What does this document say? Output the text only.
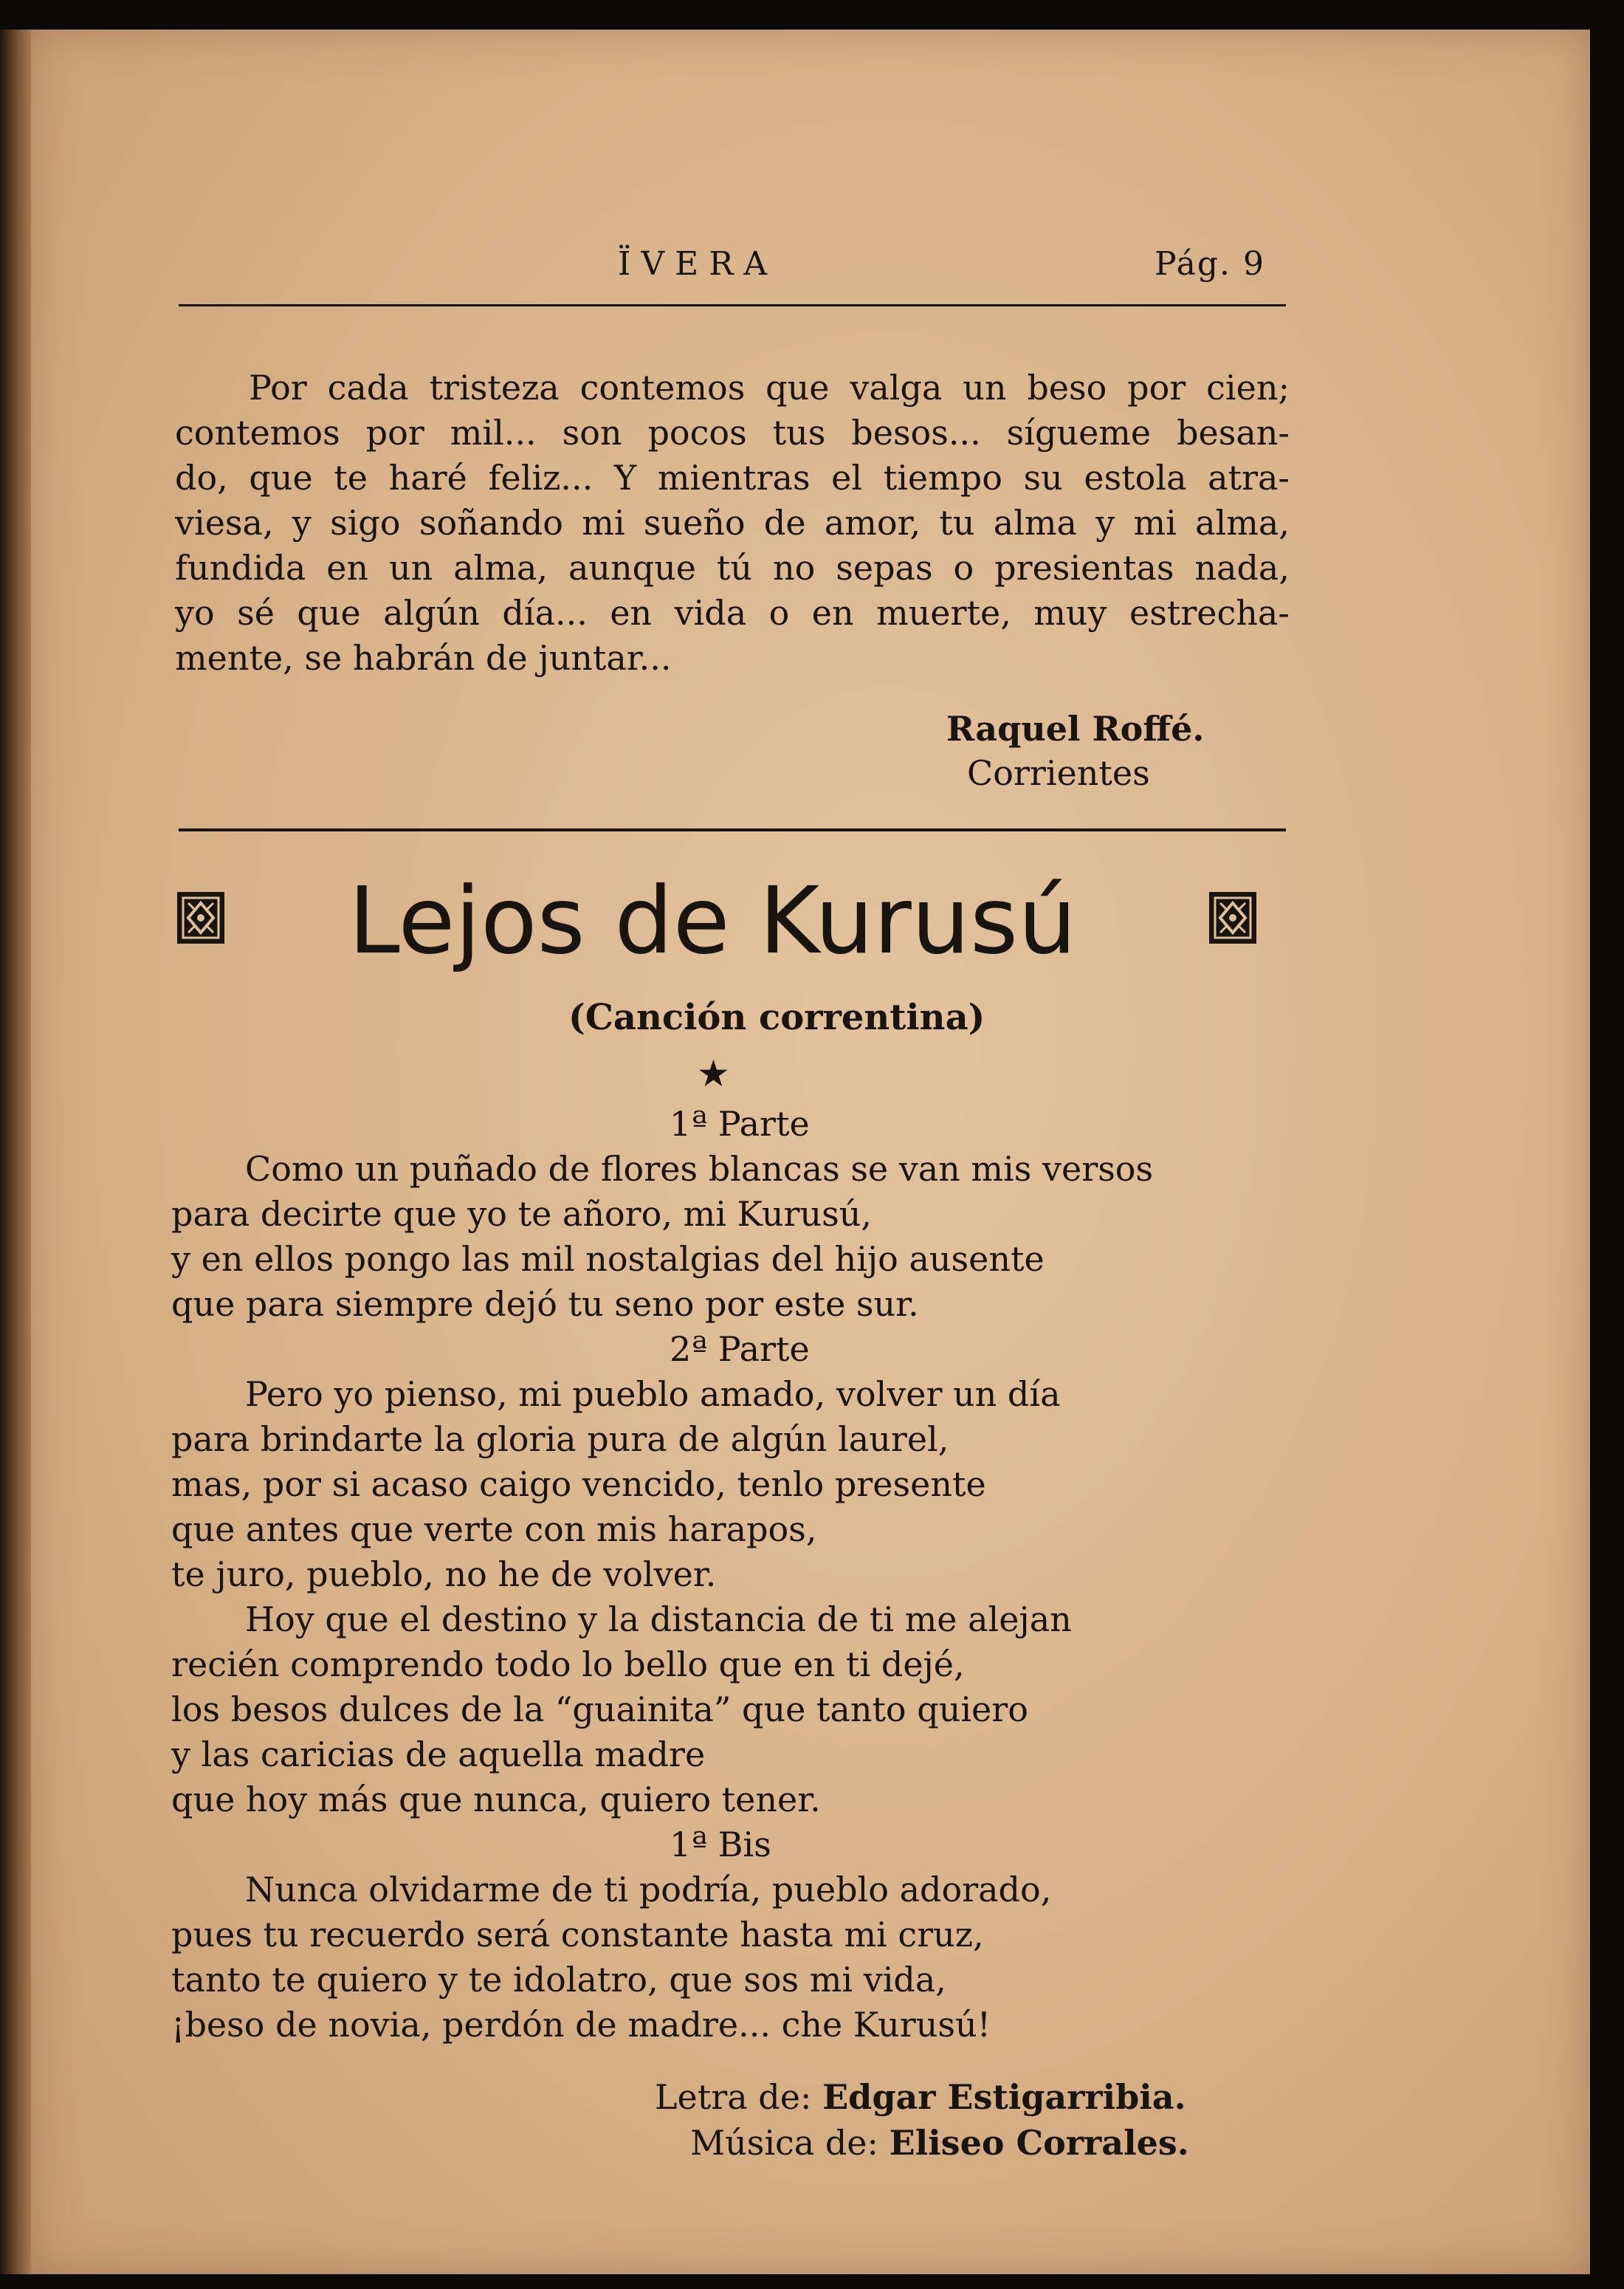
ÏVERA	Pág. 9
Por cada tristeza contemos que valga un beso por cien;
contemos por mil... son pocos tus besos... sígueme besan-
do, que te haré feliz... Y mientras el tiempo su estola atra-
viesa, y sigo soñando mi sueño de amor, tu alma y mi alma,
fundida en un alma, aunque tú no sepas o presientas nada,
yo sé que algún día... en vida o en muerte, muy estrecha-
mente, se habrán de juntar...
Raquel Roffé.
Corrientes
Lejos de Kurusú
(Canción correntina)
★
1ª Parte
Como un puñado de flores blancas se van mis versos
para decirte que yo te añoro, mi Kurusú,
y en ellos pongo las mil nostalgias del hijo ausente
que para siempre dejó tu seno por este sur.
2ª Parte
Pero yo pienso, mi pueblo amado, volver un día
para brindarte la gloria pura de algún laurel,
mas, por si acaso caigo vencido, tenlo presente
que antes que verte con mis harapos,
te juro, pueblo, no he de volver.
Hoy que el destino y la distancia de ti me alejan
recién comprendo todo lo bello que en ti dejé,
los besos dulces de la “guainita” que tanto quiero
y las caricias de aquella madre
que hoy más que nunca, quiero tener.
1ª Bis
Nunca olvidarme de ti podría, pueblo adorado,
pues tu recuerdo será constante hasta mi cruz,
tanto te quiero y te idolatro, que sos mi vida,
¡beso de novia, perdón de madre... che Kurusú!
Letra de: Edgar Estigarribia.
Música de: Eliseo Corrales.
